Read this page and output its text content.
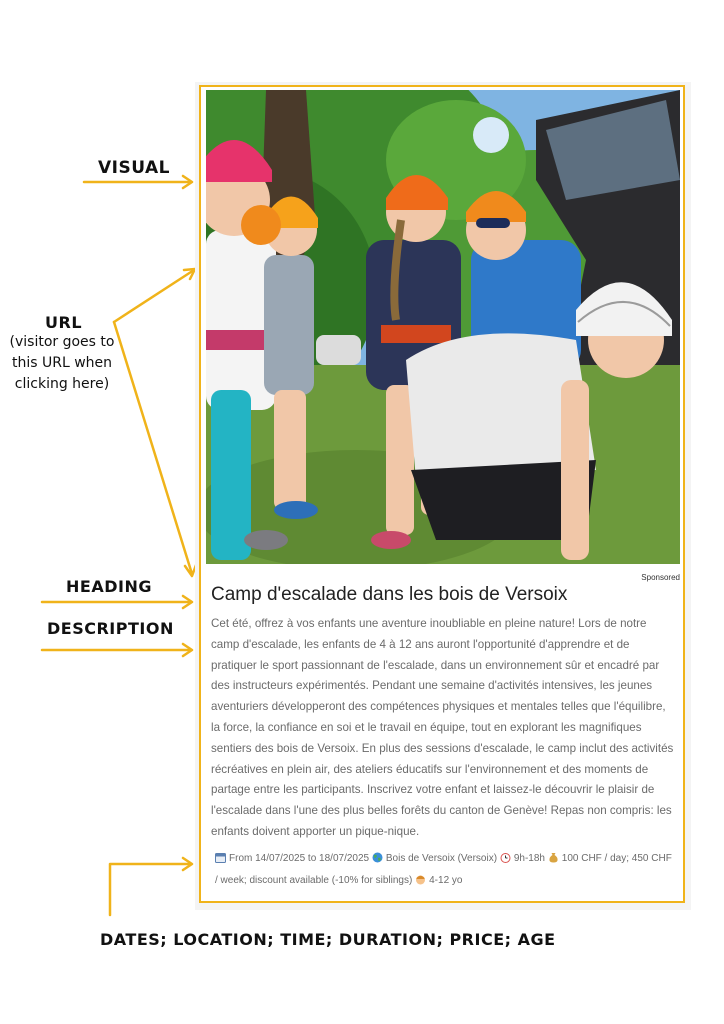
VISUAL
URL
(visitor goes to
this URL when
clicking here)
HEADING
DESCRIPTION
DATES; LOCATION; TIME; DURATION; PRICE; AGE
Sponsored
Camp d'escalade dans les bois de Versoix
Cet été, offrez à vos enfants une aventure inoubliable en pleine nature! Lors de notre camp d'escalade, les enfants de 4 à 12 ans auront l'opportunité d'apprendre et de pratiquer le sport passionnant de l'escalade, dans un environnement sûr et encadré par des instructeurs expérimentés. Pendant une semaine d'activités intensives, les jeunes aventuriers développeront des compétences physiques et mentales telles que l'équilibre, la force, la confiance en soi et le travail en équipe, tout en explorant les magnifiques sentiers des bois de Versoix. En plus des sessions d'escalade, le camp inclut des activités récréatives en plein air, des ateliers éducatifs sur l'environnement et des moments de partage entre les participants. Inscrivez votre enfant et laissez-le découvrir le plaisir de l'escalade dans l'une des plus belles forêts du canton de Genève! Repas non compris: les enfants doivent apporter un pique-nique.
From 14/07/2025 to 18/07/2025 Bois de Versoix (Versoix) 9h-18h 100 CHF / day; 450 CHF / week; discount available (-10% for siblings) 4-12 yo
